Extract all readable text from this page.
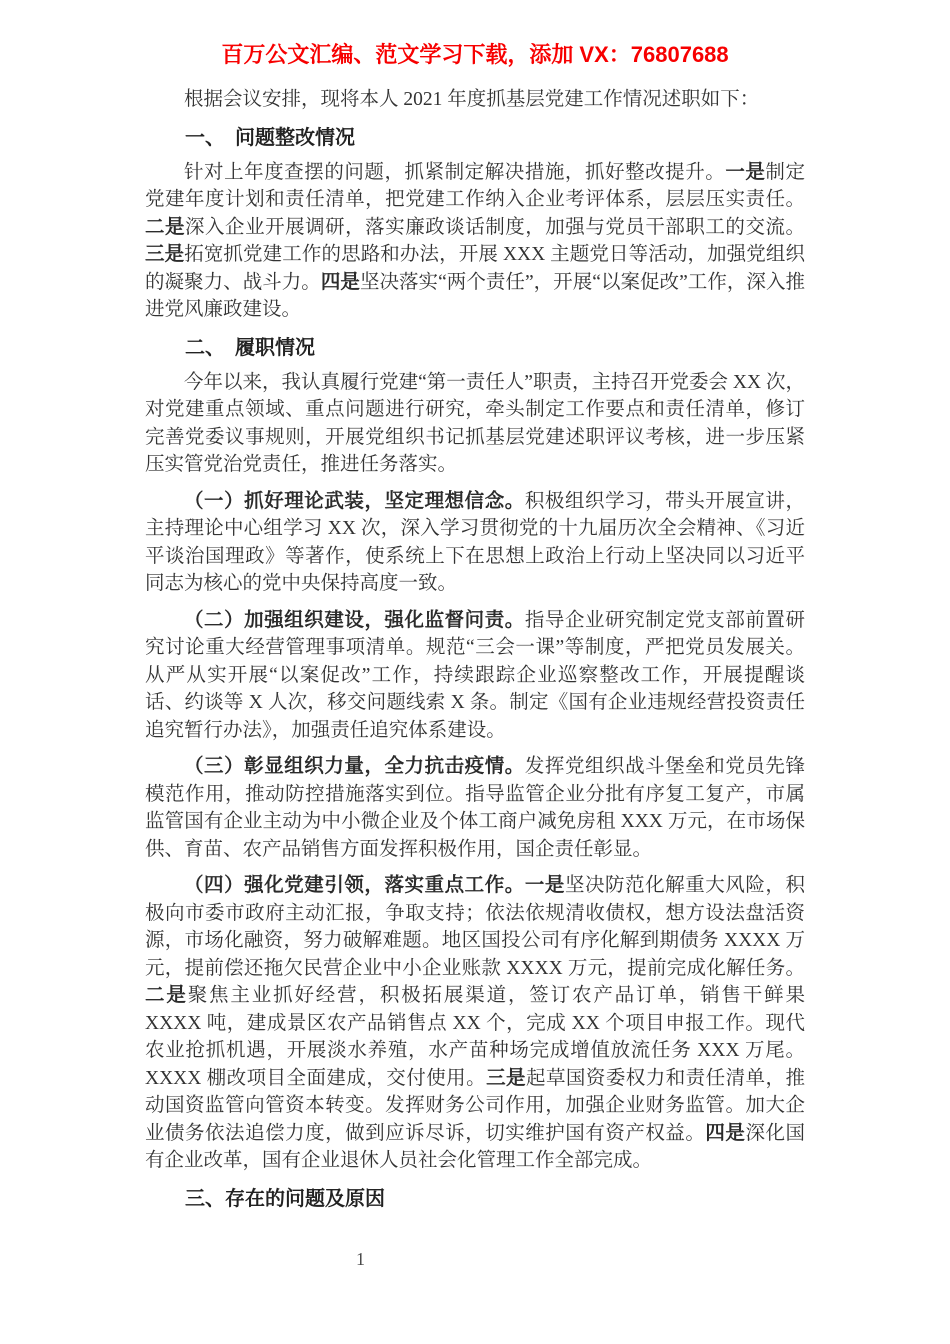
百万公文汇编、范文学习下载，添加 VX：76807688

根据会议安排，现将本人 2021 年度抓基层党建工作情况述职如下：

一、　问题整改情况

针对上年度查摆的问题，抓紧制定解决措施，抓好整改提升。一是制定党建年度计划和责任清单，把党建工作纳入企业考评体系，层层压实责任。二是深入企业开展调研，落实廉政谈话制度，加强与党员干部职工的交流。三是拓宽抓党建工作的思路和办法，开展 XXX 主题党日等活动，加强党组织的凝聚力、战斗力。四是坚决落实“两个责任”，开展“以案促改”工作，深入推进党风廉政建设。

二、　履职情况

今年以来，我认真履行党建“第一责任人”职责，主持召开党委会 XX 次，对党建重点领域、重点问题进行研究，牵头制定工作要点和责任清单，修订完善党委议事规则，开展党组织书记抓基层党建述职评议考核，进一步压紧压实管党治党责任，推进任务落实。

（一）抓好理论武装，坚定理想信念。积极组织学习，带头开展宣讲，主持理论中心组学习 XX 次，深入学习贯彻党的十九届历次全会精神、《习近平谈治国理政》等著作，使系统上下在思想上政治上行动上坚决同以习近平同志为核心的党中央保持高度一致。

（二）加强组织建设，强化监督问责。指导企业研究制定党支部前置研究讨论重大经营管理事项清单。规范“三会一课”等制度，严把党员发展关。从严从实开展“以案促改”工作，持续跟踪企业巡察整改工作，开展提醒谈话、约谈等 X 人次，移交问题线索 X 条。制定《国有企业违规经营投资责任追究暂行办法》，加强责任追究体系建设。

（三）彰显组织力量，全力抗击疫情。发挥党组织战斗堡垒和党员先锋模范作用，推动防控措施落实到位。指导监管企业分批有序复工复产，市属监管国有企业主动为中小微企业及个体工商户减免房租 XXX 万元，在市场保供、育苗、农产品销售方面发挥积极作用，国企责任彰显。

（四）强化党建引领，落实重点工作。一是坚决防范化解重大风险，积极向市委市政府主动汇报，争取支持；依法依规清收债权，想方设法盘活资源，市场化融资，努力破解难题。地区国投公司有序化解到期债务 XXXX 万元，提前偿还拖欠民营企业中小企业账款 XXXX 万元，提前完成化解任务。二是聚焦主业抓好经营，积极拓展渠道，签订农产品订单，销售干鲜果 XXXX 吨，建成景区农产品销售点 XX 个，完成 XX 个项目申报工作。现代农业抢抓机遇，开展淡水养殖，水产苗种场完成增值放流任务 XXX 万尾。XXXX 棚改项目全面建成，交付使用。三是起草国资委权力和责任清单，推动国资监管向管资本转变。发挥财务公司作用，加强企业财务监管。加大企业债务依法追偿力度，做到应诉尽诉，切实维护国有资产权益。四是深化国有企业改革，国有企业退休人员社会化管理工作全部完成。

三、存在的问题及原因
1
